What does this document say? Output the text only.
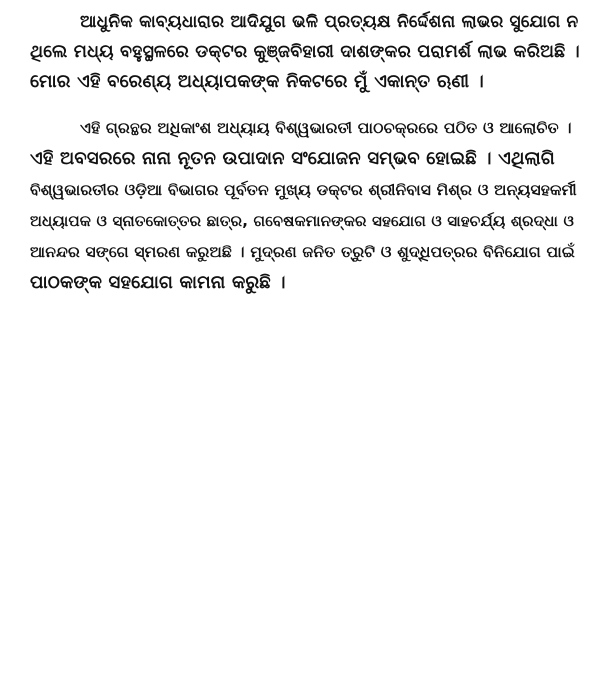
ଆଧୁନିକ କାବ୍ୟଧାରାର ଆଦିଯୁଗ ଭଳି ପ୍ରତ୍ୟକ୍ଷ ନିର୍ଦ୍ଦେଶନା ଲାଭର ସୁଯୋଗ ନ
ଥିଲେ ମଧ୍ୟ ବହୁସ୍ଥଳରେ ଡକ୍ଟର କୁଞ୍ଜବିହାରୀ ଦାଶଙ୍କର ପରାମର୍ଶ ଲାଭ କରିଅଛି ।
ମୋର ଏହି ବରେଣ୍ୟ ଅଧ୍ୟାପକଙ୍କ ନିକଟରେ ମୁଁ ଏକାନ୍ତ ଋଣୀ ।
ଏହି ଗ୍ରନ୍ଥର ଅଧିକାଂଶ ଅଧ୍ୟାୟ ବିଶ୍ୱଭାରତୀ ପାଠଚକ୍ରରେ ପଠିତ ଓ ଆଲୋଚିତ ।
ଏହି ଅବସରରେ ନାନା ନୂତନ ଉପାଦାନ ସଂଯୋଜନ ସମ୍ଭବ ହୋଇଛି । ଏଥିଲାଗି
ବିଶ୍ୱଭାରତୀର ଓଡ଼ିଆ ବିଭାଗର ପୂର୍ବତନ ମୁଖ୍ୟ ଡକ୍ଟର ଶ୍ରୀନିବାସ ମିଶ୍ର ଓ ଅନ୍ୟସହକର୍ମୀ
ଅଧ୍ୟାପକ ଓ ସ୍ନାତକୋତ୍ତର ଛାତ୍ର, ଗବେଷକମାନଙ୍କର ସହଯୋଗ ଓ ସାହଚର୍ଯ୍ୟ ଶ୍ରଦ୍ଧା ଓ
ଆନନ୍ଦର ସଙ୍ଗେ ସ୍ମରଣ କରୁଅଛି । ମୁଦ୍ରଣ ଜନିତ ତ୍ରୁଟି ଓ ଶୁଦ୍ଧିପତ୍ରର ବିନିଯୋଗ ପାଇଁ
ପାଠକଙ୍କ ସହଯୋଗ କାମନା କରୁଛି ।
